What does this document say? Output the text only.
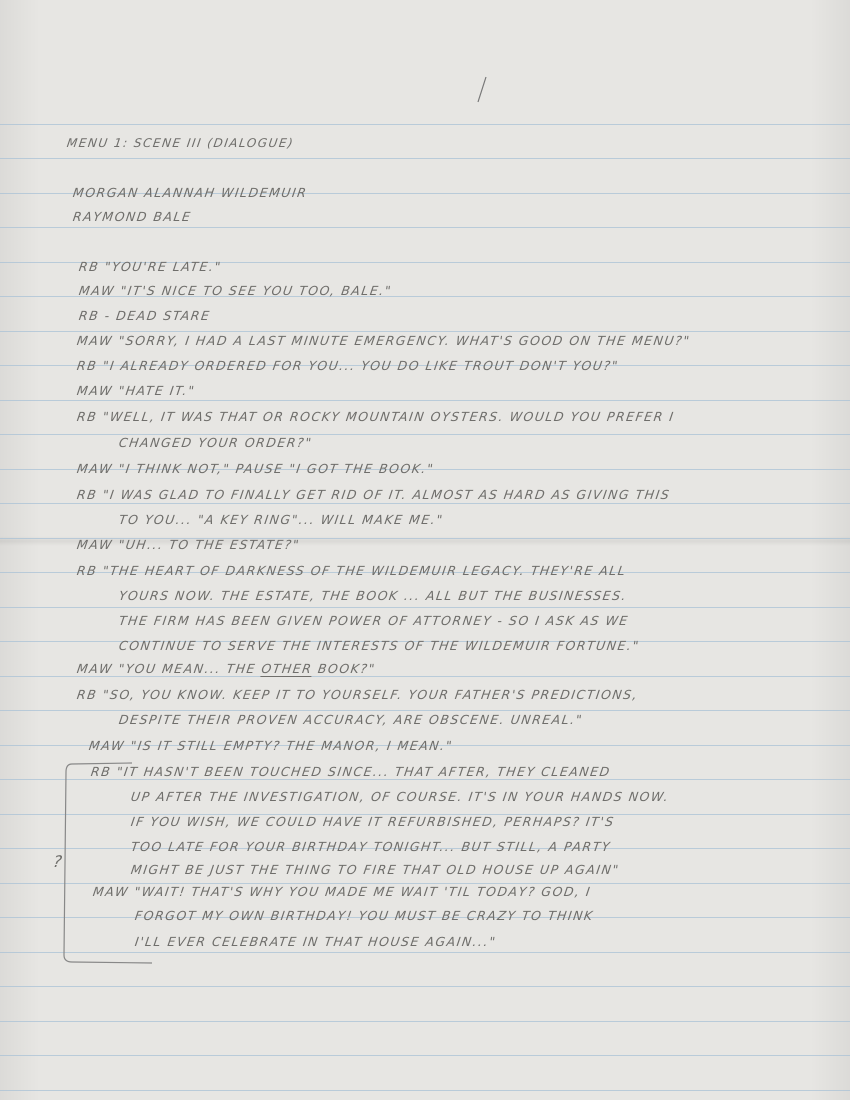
MENU 1: SCENE III (DIALOGUE)
MORGAN ALANNAH WILDEMUIR
RAYMOND BALE
RB "YOU'RE LATE."
MAW "IT'S NICE TO SEE YOU TOO, BALE."
RB - DEAD STARE
MAW "SORRY, I HAD A LAST MINUTE EMERGENCY. WHAT'S GOOD ON THE MENU?"
RB "I ALREADY ORDERED FOR YOU... YOU DO LIKE TROUT DON'T YOU?"
MAW "HATE IT."
RB "WELL, IT WAS THAT OR ROCKY MOUNTAIN OYSTERS. WOULD YOU PREFER I
CHANGED YOUR ORDER?"
MAW "I THINK NOT," PAUSE "I GOT THE BOOK."
RB "I WAS GLAD TO FINALLY GET RID OF IT. ALMOST AS HARD AS GIVING THIS
TO YOU... "A KEY RING"... WILL MAKE ME."
MAW "UH... TO THE ESTATE?"
RB "THE HEART OF DARKNESS OF THE WILDEMUIR LEGACY. THEY'RE ALL
YOURS NOW. THE ESTATE, THE BOOK ... ALL BUT THE BUSINESSES.
THE FIRM HAS BEEN GIVEN POWER OF ATTORNEY - SO I ASK AS WE
CONTINUE TO SERVE THE INTERESTS OF THE WILDEMUIR FORTUNE."
MAW "YOU MEAN... THE OTHER BOOK?"
RB "SO, YOU KNOW. KEEP IT TO YOURSELF. YOUR FATHER'S PREDICTIONS,
DESPITE THEIR PROVEN ACCURACY, ARE OBSCENE. UNREAL."
MAW "IS IT STILL EMPTY? THE MANOR, I MEAN."
RB "IT HASN'T BEEN TOUCHED SINCE... THAT AFTER, THEY CLEANED
UP AFTER THE INVESTIGATION, OF COURSE. IT'S IN YOUR HANDS NOW.
IF YOU WISH, WE COULD HAVE IT REFURBISHED, PERHAPS? IT'S
TOO LATE FOR YOUR BIRTHDAY TONIGHT... BUT STILL, A PARTY
MIGHT BE JUST THE THING TO FIRE THAT OLD HOUSE UP AGAIN"
MAW "WAIT! THAT'S WHY YOU MADE ME WAIT 'TIL TODAY? GOD, I
FORGOT MY OWN BIRTHDAY! YOU MUST BE CRAZY TO THINK
I'LL EVER CELEBRATE IN THAT HOUSE AGAIN..."
?
